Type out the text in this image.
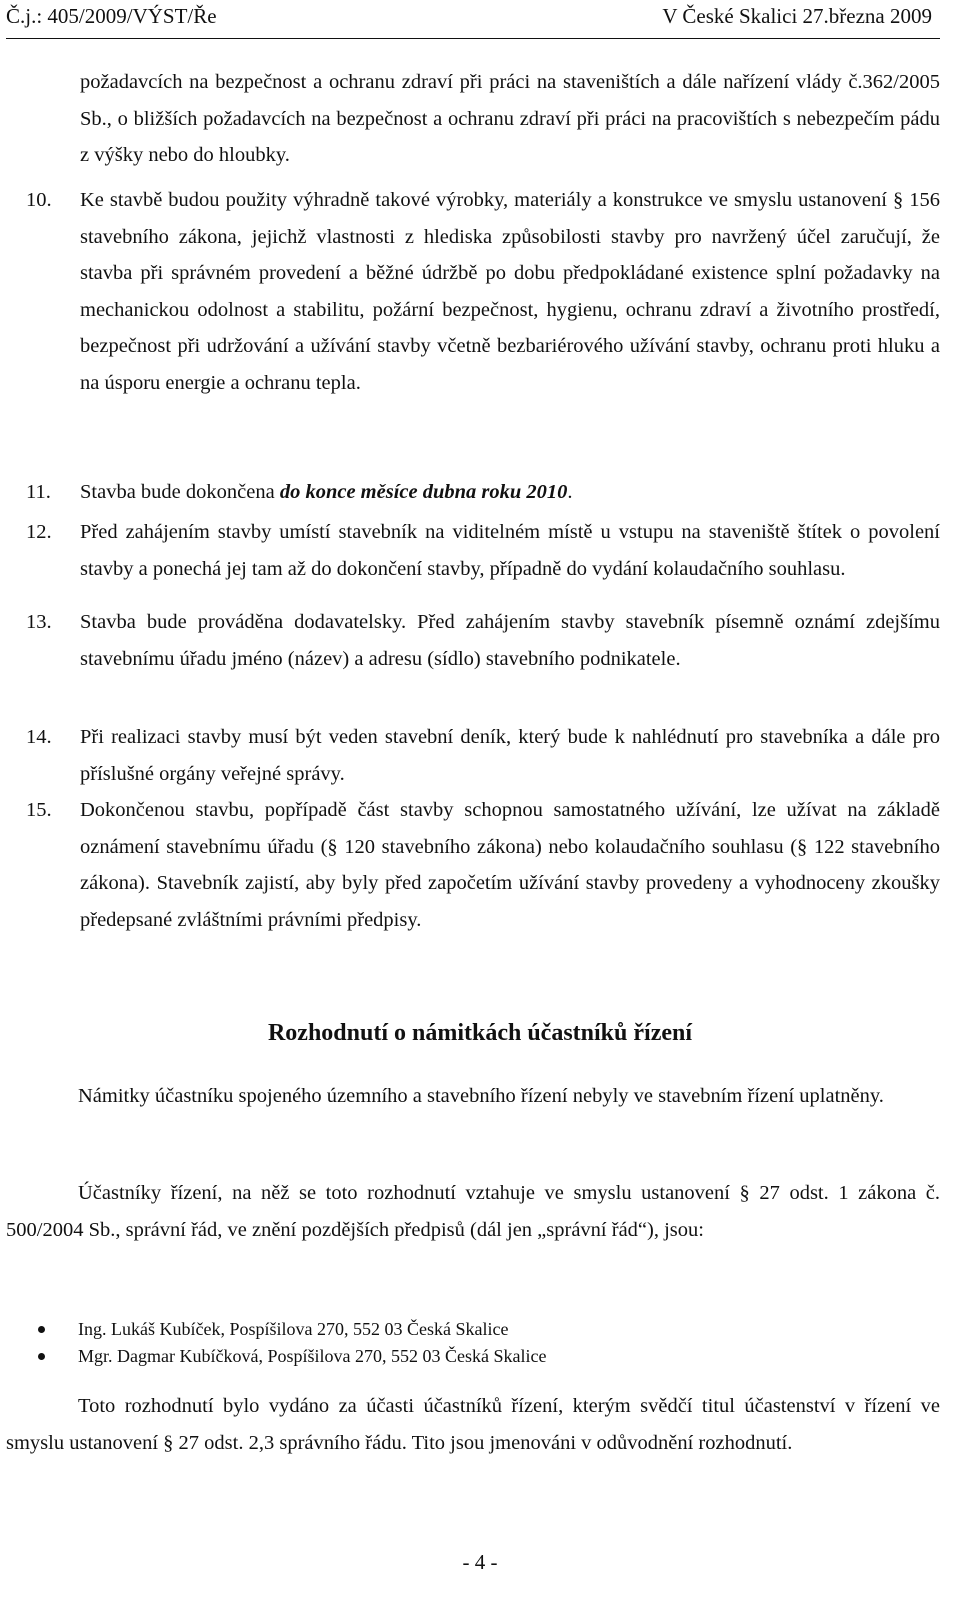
Č.j.: 405/2009/VÝST/Ře	V České Skalici 27.března 2009
požadavcích na bezpečnost a ochranu zdraví při práci na staveništích a dále nařízení vlády č.362/2005 Sb., o bližších požadavcích na bezpečnost a ochranu zdraví při práci na pracovištích s nebezpečím pádu z výšky nebo do hloubky.
10.	Ke stavbě budou použity výhradně takové výrobky, materiály a konstrukce ve smyslu ustanovení § 156 stavebního zákona, jejichž vlastnosti z hlediska způsobilosti stavby pro navržený účel zaručují, že stavba při správném provedení a běžné údržbě po dobu předpokládané existence splní požadavky na mechanickou odolnost a stabilitu, požární bezpečnost, hygienu, ochranu zdraví a životního prostředí, bezpečnost při udržování a užívání stavby včetně bezbariérového užívání stavby, ochranu proti hluku a na úsporu energie a ochranu tepla.
11.	Stavba bude dokončena do konce měsíce dubna roku 2010.
12.	Před zahájením stavby umístí stavebník na viditelném místě u vstupu na staveniště štítek o povolení stavby a ponechá jej tam až do dokončení stavby, případně do vydání kolaudačního souhlasu.
13.	Stavba bude prováděna dodavatelsky. Před zahájením stavby stavebník písemně oznámí zdejšímu stavebnímu úřadu jméno (název) a adresu (sídlo) stavebního podnikatele.
14.	Při realizaci stavby musí být veden stavební deník, který bude k nahlédnutí pro stavebníka a dále pro příslušné orgány veřejné správy.
15.	Dokončenou stavbu, popřípadě část stavby schopnou samostatného užívání, lze užívat na základě oznámení stavebnímu úřadu (§ 120 stavebního zákona) nebo kolaudačního souhlasu (§ 122 stavebního zákona). Stavebník zajistí, aby byly před započetím užívání stavby provedeny a vyhodnoceny zkoušky předepsané zvláštními právními předpisy.
Rozhodnutí o námitkách účastníků řízení
Námitky účastníku spojeného územního a stavebního řízení nebyly ve stavebním řízení uplatněny.
Účastníky řízení, na něž se toto rozhodnutí vztahuje ve smyslu ustanovení § 27 odst. 1 zákona č. 500/2004 Sb., správní řád, ve znění pozdějších předpisů (dál jen „správní řád“), jsou:
Ing. Lukáš Kubíček, Pospíšilova 270, 552 03 Česká Skalice
Mgr. Dagmar Kubíčková, Pospíšilova 270, 552 03 Česká Skalice
Toto rozhodnutí bylo vydáno za účasti účastníků řízení, kterým svědčí titul účastenství v řízení ve smyslu ustanovení § 27 odst. 2,3 správního řádu. Tito jsou jmenováni v odůvodnění rozhodnutí.
- 4 -
